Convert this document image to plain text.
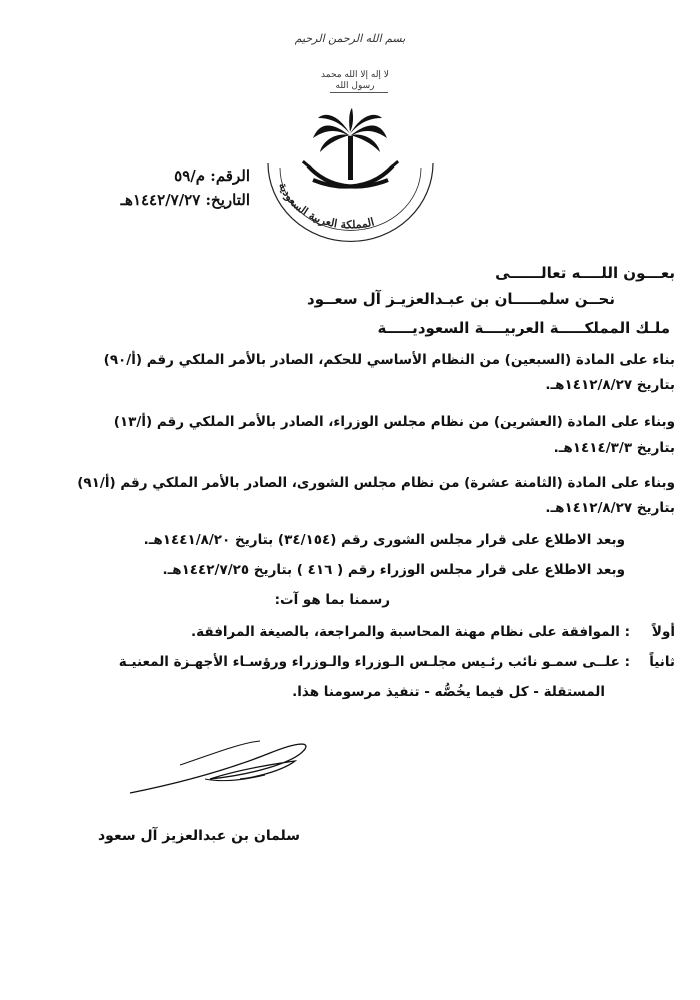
بسم الله الرحمن الرحيم
لا إله إلا الله محمد رسول الله
المملكة العربية السعودية
الرقم: م/٥٩
التاريخ: ١٤٤٢/٧/٢٧هـ
بعـــون اللــــه تعالــــــى
نحــن سلمـــــان بن عبـدالعزيـز آل سعــود
ملـك المملكـــــة العربيــــة السعوديـــــة
بناء على المادة (السبعين) من النظام الأساسي للحكم، الصادر بالأمر الملكي رقم (أ/٩٠)
بتاريخ ١٤١٢/٨/٢٧هـ.
وبناء على المادة (العشرين) من نظام مجلس الوزراء، الصادر بالأمر الملكي رقم (أ/١٣)
بتاريخ ١٤١٤/٣/٣هـ.
وبناء على المادة (الثامنة عشرة) من نظام مجلس الشورى، الصادر بالأمر الملكي رقم (أ/٩١)
بتاريخ ١٤١٢/٨/٢٧هـ.
وبعد الاطلاع على قرار مجلس الشورى رقم (٣٤/١٥٤) بتاريخ ١٤٤١/٨/٢٠هـ.
وبعد الاطلاع على قرار مجلس الوزراء رقم ( ٤١٦ ) بتاريخ ١٤٤٢/٧/٢٥هـ.
رسمنا بما هو آت:
أولاً
: الموافقة على نظام مهنة المحاسبة والمراجعة، بالصيغة المرافقة.
ثانياً
: علــى سمـو نائب رئـيس مجلـس الـوزراء والـوزراء ورؤسـاء الأجهـزة المعنيـة
المستقلة - كل فيما يخُصُّه - تنفيذ مرسومنا هذا.
سلمان بن عبدالعزيز آل سعود
